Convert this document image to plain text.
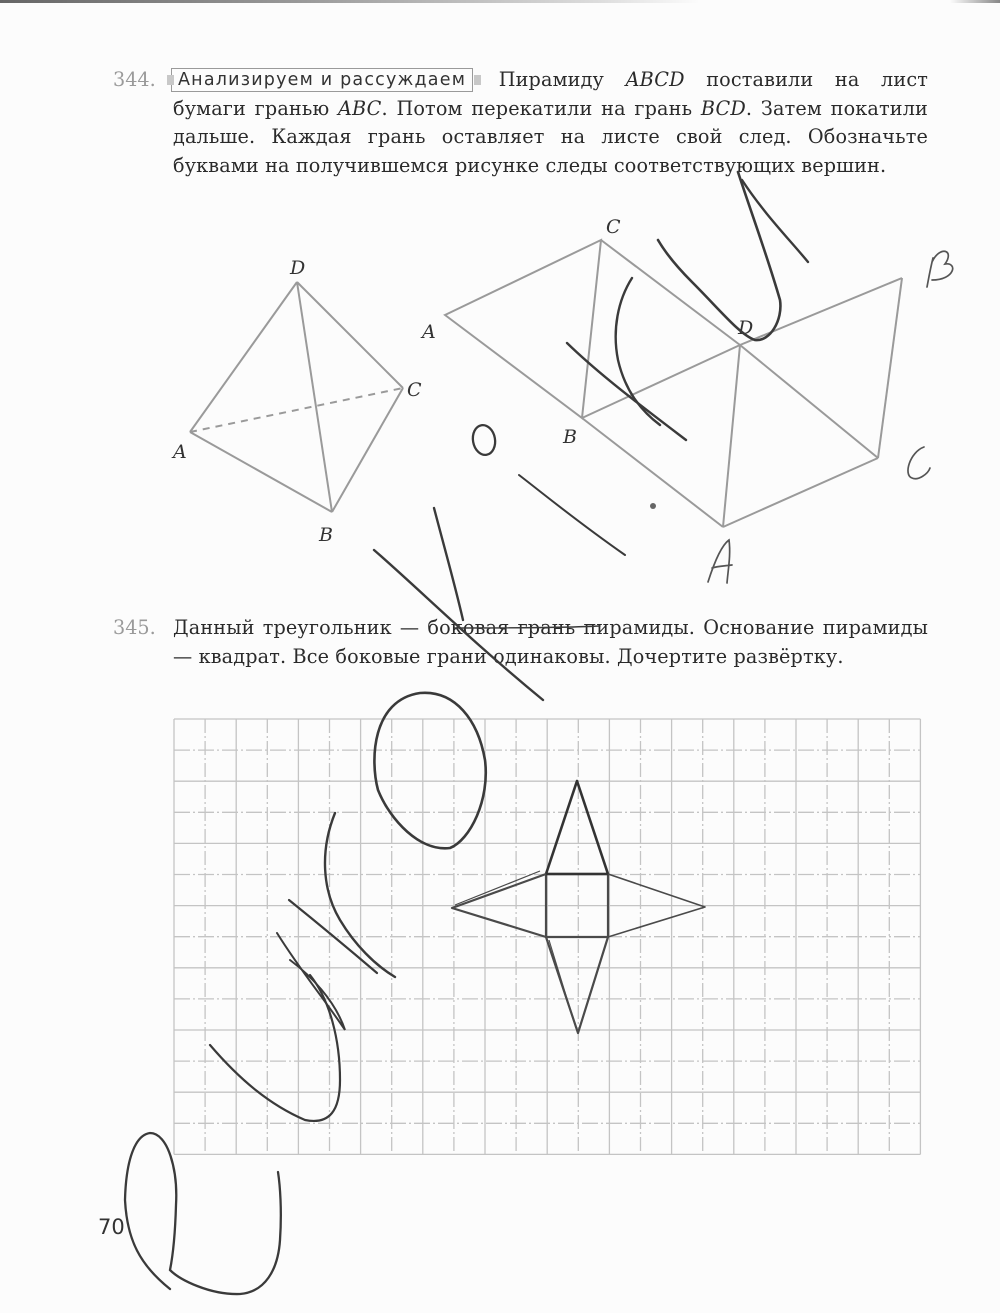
344. Анализируем и рассуждаем Пирамиду ABCD поставили на лист бумаги гранью ABC. Потом перекатили на грань BCD. Затем покатили дальше. Каждая грань оставляет на листе свой след. Обозначьте буквами на получившемся рисунке следы соответствующих вершин.
345. Данный треугольник — боковая грань пирамиды. Основание пирамиды — квадрат. Все боковые грани одинаковы. Дочертите развёртку.
D
C
A
B
C
A
B
D
70
